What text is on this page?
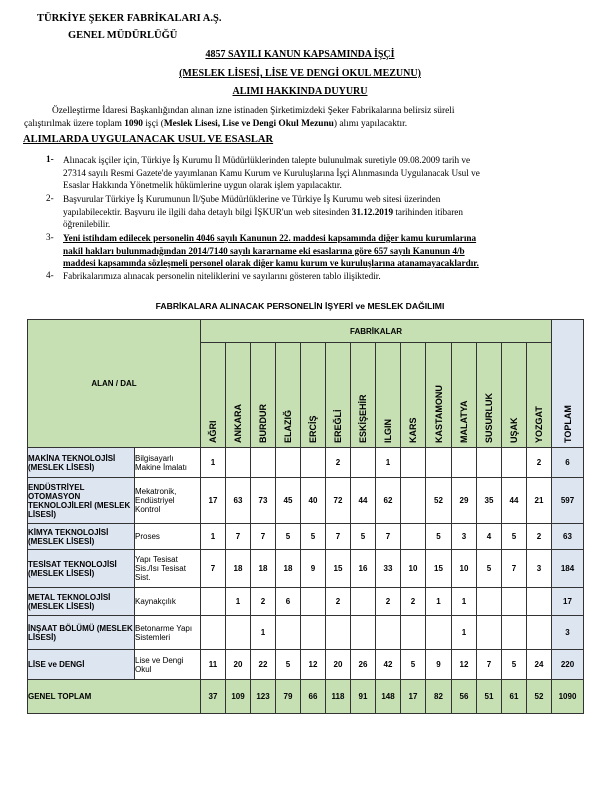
TÜRKİYE ŞEKER FABRİKALARI A.Ş.
GENEL MÜDÜRLÜĞÜ
4857 SAYILI KANUN KAPSAMINDA İŞÇİ
(MESLEK LİSESİ, LİSE VE DENGİ OKUL MEZUNU)
ALIMI HAKKINDA DUYURU
Özelleştirme İdaresi Başkanlığından alınan izne istinaden Şirketimizdeki Şeker Fabrikalarına belirsiz süreli
çalıştırılmak üzere toplam 1090 işçi (Meslek Lisesi, Lise ve Dengi Okul Mezunu) alımı yapılacaktır.
ALIMLARDA UYGULANACAK USUL VE ESASLAR
1- Alınacak işçiler için, Türkiye İş Kurumu İl Müdürlüklerinden talepte bulunulmak suretiyle 09.08.2009 tarih ve
27314 sayılı Resmi Gazete'de yayımlanan Kamu Kurum ve Kuruluşlarına İşçi Alınmasında Uygulanacak Usul ve
Esaslar Hakkında Yönetmelik hükümlerine uygun olarak işlem yapılacaktır.
2- Başvurular Türkiye İş Kurumunun İl/Şube Müdürlüklerine ve Türkiye İş Kurumu web sitesi üzerinden
yapılabilecektir. Başvuru ile ilgili daha detaylı bilgi İŞKUR'un web sitesinden 31.12.2019 tarihinden itibaren
öğrenilebilir.
3- Yeni istihdam edilecek personelin 4046 sayılı Kanunun 22. maddesi kapsamında diğer kamu kurumlarına
nakil hakları bulunmadığından 2014/7140 sayılı kararname eki esaslarına göre 657 sayılı Kanunun 4/b
maddesi kapsamında sözleşmeli personel olarak diğer kamu kurum ve kuruluşlarına atanamayacaklardır.
4- Fabrikalarımıza alınacak personelin niteliklerini ve sayılarını gösteren tablo ilişiktedir.
FABRİKALARA ALINACAK PERSONELİN İŞYERİ ve MESLEK DAĞILIMI
ALAN / DAL		FABRİKALAR														TOPLAM

		AĞRI	ANKARA	BURDUR	ELAZIĞ	ERCİŞ	EREĞLİ	ESKİŞEHİR	ILGIN	KARS	KASTAMONU	MALATYA	SUSURLUK	UŞAK	YOZGAT	

MAKİNA TEKNOLOJİSİ (MESLEK LİSESİ)	Bilgisayarlı Makine İmalatı	1					2		1						2	6
ENDÜSTRİYEL OTOMASYON TEKNOLOJİLERİ (MESLEK LİSESİ)	Mekatronik, Endüstriyel Kontrol	17	63	73	45	40	72	44	62		52	29	35	44	21	597
KİMYA TEKNOLOJİSİ (MESLEK LİSESİ)	Proses	1	7	7	5	5	7	5	7		5	3	4	5	2	63
TESİSAT TEKNOLOJİSİ (MESLEK LİSESİ)	Yapı Tesisat Sis./Isı Tesisat Sist.	7	18	18	18	9	15	16	33	10	15	10	5	7	3	184
METAL TEKNOLOJİSİ (MESLEK LİSESİ)	Kaynakçılık		1	2	6		2		2	2	1	1				17
İNŞAAT BÖLÜMÜ (MESLEK LİSESİ)	Betonarme Yapı Sistemleri			1								1				3
LİSE ve DENGİ	Lise ve Dengi Okul	11	20	22	5	12	20	26	42	5	9	12	7	5	24	220
GENEL TOPLAM		37	109	123	79	66	118	91	148	17	82	56	51	61	52	1090
